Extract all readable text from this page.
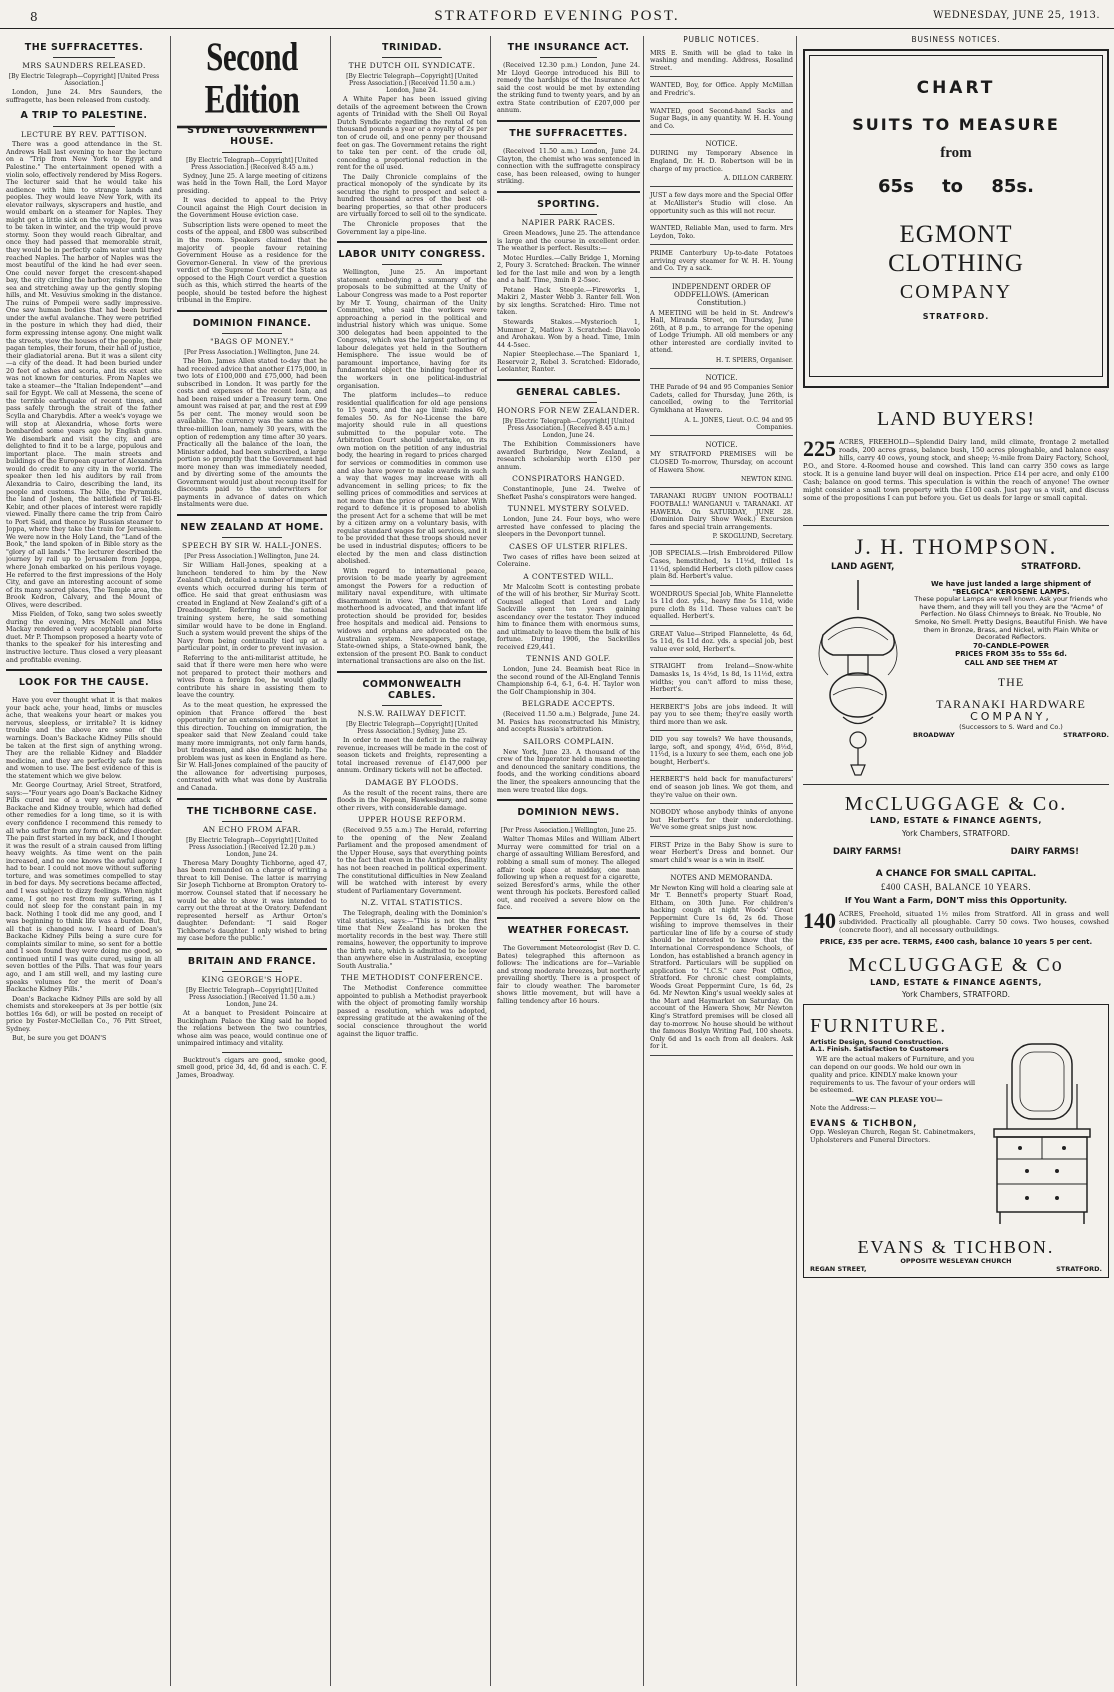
8	STRATFORD EVENING POST.	WEDNESDAY, JUNE 25, 1913.
THE SUFFRACETTES.
MRS SAUNDERS RELEASED.
[By Electric Telegraph—Copyright] [United Press Association.]

London, June 24. Mrs Saunders, the suffragette, has been released from custody.

A TRIP TO PALESTINE.
LECTURE BY REV. PATTISON.

There was a good attendance in the St. Andrews Hall last evening to hear the lecture on a "Trip from New York to Egypt and Palestine." The entertainment opened with a violin solo, effectively rendered by Miss Rogers. The lecturer said that he would take his audience with him to strange lands and peoples. They would leave New York, with its elevator railways, skyscrapers and hustle, and would embark on a steamer for Naples. They might get a little sick on the voyage, for it was to be taken in winter, and the trip would prove stormy. Soon they would reach Gibraltar, and once they had passed that memorable strait, they would be in perfectly calm water until they reached Naples. The harbor of Naples was the most beautiful of the kind he had ever seen. One could never forget the crescent-shaped bay, the city circling the harbor, rising from the sea and stretching away up the gently sloping hills, and Mt. Vesuvius smoking in the distance. The ruins of Pompeii were sadly impressive. One saw human bodies that had been buried under the awful avalanche. They were petrified in the posture in which they had died, their form expressing intense agony. One might walk the streets, view the houses of the people, their pagan temples, their forum, their hall of justice, their gladiatorial arena. But it was a silent city—a city of the dead. It had been buried under 20 feet of ashes and scoria, and its exact site was not known for centuries. From Naples we take a steamer—the "Italian Independent"—and sail for Egypt. We call at Messena, the scene of the terrible earthquake of recent times, and pass safely through the strait of the father Scylla and Charybdis. After a week's voyage we will stop at Alexandria, whose forts were bombarded some years ago by English guns. We disembark and visit the city, and are delighted to find it to be a large, populous and important place. The main streets and buildings of the European quarter of Alexandria would do credit to any city in the world. The speaker then led his auditors by rail from Alexandria to Cairo, describing the land, its people and customs. The Nile, the Pyramids, the land of Joshen, the battlefield of Tel-El-Kebir, and other places of interest were rapidly viewed. Finally there came the trip from Cairo to Port Said, and thence by Russian steamer to Joppa, where they take the train for Jerusalem. We were now in the Holy Land, the "Land of the Book," the land spoken of in Bible story as the "glory of all lands." The lecturer described the journey by rail up to Jerusalem from Joppa, where Jonah embarked on his perilous voyage. He referred to the first impressions of the Holy City, and gave an interesting account of some of its many sacred places, The Temple area, the Brook Kedron, Calvary, and the Mount of Olives, were described.

Miss Fielden, of Toko, sang two soles sweetly during the evening, Mrs McNell and Miss Mackay rendered a very acceptable pianoforte duet. Mr P. Thompson proposed a hearty vote of thanks to the speaker for his interesting and instructive lecture. Thus closed a very pleasant and profitable evening.

LOOK FOR THE CAUSE.

Have you ever thought what it is that makes your back ache, your head, limbs or muscles ache, that weakens your heart or makes you nervous, sleepless, or irritable? It is kidney trouble and the above are some of the warnings. Doan's Backache Kidney Pills should be taken at the first sign of anything wrong. They are the reliable Kidney and Bladder medicine, and they are perfectly safe for men and women to use. The best evidence of this is the statement which we give below.

Mr. George Courtnay, Ariel Street, Stratford, says:—"Four years ago Doan's Backache Kidney Pills cured me of a very severe attack of Backache and Kidney trouble, which had defied other remedies for a long time, so it is with every confidence I recommend this remedy to all who suffer from any form of Kidney disorder. The pain first started in my back, and I thought it was the result of a strain caused from lifting heavy weights. As time went on the pain increased, and no one knows the awful agony I had to bear. I could not move without suffering torture, and was sometimes compelled to stay in bed for days. My secretions became affected, and I was subject to dizzy feelings. When night came, I got no rest from my suffering, as I could not sleep for the constant pain in my back. Nothing I took did me any good, and I was beginning to think life was a burden. But, all that is changed now. I heard of Doan's Backache Kidney Pills being a sure cure for complaints similar to mine, so sent for a bottle and I soon found they were doing me good, so continued until I was quite cured, using in all seven bottles of the Pills. That was four years ago, and I am still well, and my lasting cure speaks volumes for the merit of Doan's Backache Kidney Pills."

Doan's Backache Kidney Pills are sold by all chemists and storekeepers at 3s per bottle (six bottles 16s 6d), or will be posted on receipt of price by Foster-McClellan Co., 76 Pitt Street, Sydney.

But, be sure you get DOAN'S

Second Edition
SYDNEY GOVERNMENT HOUSE.
[By Electric Telegraph—Copyright] [United Press Association.] (Received 8.45 a.m.)

Sydney, June 25. A large meeting of citizens was held in the Town Hall, the Lord Mayor presiding.

It was decided to appeal to the Privy Council against the High Court decision in the Government House eviction case.

Subscription lists were opened to meet the costs of the appeal, and £800 was subscribed in the room. Speakers claimed that the majority of people favour retaining Government House as a residence for the Governor-General. In view of the previous verdict of the Supreme Court of the State as opposed to the High Court verdict a question such as this, which stirred the hearts of the people, should be tested before the highest tribunal in the Empire.

DOMINION FINANCE.
"BAGS OF MONEY."
[Per Press Association.] Wellington, June 24.

The Hon. James Allen stated to-day that he had received advice that another £175,000, in two lots of £100,000 and £75,000, had been subscribed in London. It was partly for the costs and expenses of the recent loan, and had been raised under a Treasury term. One amount was raised at par, and the rest at £99 5s per cent. The money would soon be available. The currency was the same as the three-million loan, namely 30 years, with the option of redemption any time after 30 years. Practically all the balance of the loan, the Minister added, had been subscribed, a large portion so promptly that the Government had more money than was immediately needed, and by diverting some of the amounts the Government would just about recoup itself for discounts paid to the underwriters for payments in advance of dates on which instalments were due.

NEW ZEALAND AT HOME.
SPEECH BY SIR W. HALL-JONES.
[Per Press Association.] Wellington, June 24.

Sir William Hall-Jones, speaking at a luncheon tendered to him by the New Zealand Club, detailed a number of important events which occurred during his term of office. He said that great enthusiasm was created in England at New Zealand's gift of a Dreadnought. Referring to the national training system here, he said something similar would have to be done in England. Such a system would prevent the ships of the Navy from being continually tied up at a particular point, in order to prevent invasion.

Referring to the anti-militarist attitude, he said that if there were men here who were not prepared to protect their mothers and wives from a foreign foe, he would gladly contribute his share in assisting them to leave the country.

As to the meat question, he expressed the opinion that France offered the best opportunity for an extension of our market in this direction. Touching on immigration, the speaker said that New Zealand could take many more immigrants, not only farm hands, but tradesmen, and also domestic help. The problem was just as keen in England as here. Sir W. Hall-Jones complained of the paucity of the allowance for advertising purposes, contrasted with what was done by Australia and Canada.

THE TICHBORNE CASE.
AN ECHO FROM AFAR.
[By Electric Telegraph—Copyright] [United Press Association.] (Received 12.20 p.m.) London, June 24.

Theresa Mary Doughty Tichborne, aged 47, has been remanded on a charge of writing a threat to kill Denise. The latter is marrying Sir Joseph Tichborne at Brompton Oratory to-morrow. Counsel stated that if necessary he would be able to show it was intended to carry out the threat at the Oratory. Defendant represented herself as Arthur Orton's daughter. Defendant: "I said Roger Tichborne's daughter. I only wished to bring my case before the public."

BRITAIN AND FRANCE.
KING GEORGE'S HOPE.
[By Electric Telegraph—Copyright] [United Press Association.] (Received 11.50 a.m.) London, June 24.

At a banquet to President Poincaire at Buckingham Palace the King said he hoped the relations between the two countries, whose aim was peace, would continue one of unimpaired intimacy and vitality.

Bucktrout's cigars are good, smoke good, smell good, price 3d, 4d, 6d and is each. C. F. James, Broadway.

TRINIDAD.
THE DUTCH OIL SYNDICATE.
[By Electric Telegraph—Copyright] [United Press Association.] (Received 11.50 a.m.) London, June 24.

A White Paper has been issued giving details of the agreement between the Crown agents of Trinidad with the Shell Oil Royal Dutch Syndicate regarding the rental of ten thousand pounds a year or a royalty of 2s per ton of crude oil, and one penny per thousand feet on gas. The Government retains the right to take ten per cent. of the crude oil, conceding a proportional reduction in the rent for the oil used.

The Daily Chronicle complains of the practical monopoly of the syndicate by its securing the right to prospect and select a hundred thousand acres of the best oil-bearing properties, so that other producers are virtually forced to sell oil to the syndicate.

The Chronicle proposes that the Government lay a pipe-line.

LABOR UNITY CONGRESS.

Wellington, June 25. An important statement embodying a summary of the proposals to be submitted at the Unity of Labour Congress was made to a Post reporter by Mr T. Young, chairman of the Unity Committee, who said the workers were approaching a period in the political and industrial history which was unique. Some 300 delegates had been appointed to the Congress, which was the largest gathering of labour delegates yet held in the Southern Hemisphere. The issue would be of paramount importance, having for its fundamental object the binding together of the workers in one political-industrial organisation.

The platform includes—to reduce residential qualification for old age pensions to 15 years, and the age limit: males 60, females 50. As for No-License the bare majority should rule in all questions submitted to the popular vote. The Arbitration Court should undertake, on its own motion on the petition of any industrial body, the hearing in regard to prices charged for services or commodities in common use and also have power to make awards in such a way that wages may increase with all advancement in selling prices; to fix the selling prices of commodities and services at not more than the price of human labor. With regard to defence it is proposed to abolish the present Act for a scheme that will be met by a citizen army on a voluntary basis, with regular standard wages for all services, and it to be provided that these troops should never be used in industrial disputes; officers to be elected by the men and class distinction abolished.

With regard to international peace, provision to be made yearly by agreement amongst the Powers for a reduction of military naval expenditure, with ultimate disarmament in view. The endowment of motherhood is advocated, and that infant life protection should be provided for, besides free hospitals and medical aid. Pensions to widows and orphans are advocated on the Australian system. Newspapers, postage, State-owned ships, a State-owned bank, the extension of the present P.O. Bank to conduct international transactions are also on the list.

COMMONWEALTH CABLES.
N.S.W. RAILWAY DEFICIT.
[By Electric Telegraph—Copyright] [United Press Association.] Sydney, June 25.

In order to meet the deficit in the railway revenue, increases will be made in the cost of season tickets and freights, representing a total increased revenue of £147,000 per annum. Ordinary tickets will not be affected.

DAMAGE BY FLOODS.

As the result of the recent rains, there are floods in the Nepean, Hawkesbury, and some other rivers, with considerable damage.

UPPER HOUSE REFORM.

(Received 9.55 a.m.) The Herald, referring to the opening of the New Zealand Parliament and the proposed amendment of the Upper House, says that everything points to the fact that even in the Antipodes, finality has not been reached in political experiment. The constitutional difficulties in New Zealand will be watched with interest by every student of Parliamentary Government.

N.Z. VITAL STATISTICS.

The Telegraph, dealing with the Dominion's vital statistics, says:—"This is not the first time that New Zealand has broken the mortality records in the best way. There still remains, however, the opportunity to improve the birth rate, which is admitted to be lower than anywhere else in Australasia, excepting South Australia."

THE METHODIST CONFERENCE.

The Methodist Conference committee appointed to publish a Methodist prayerbook with the object of promoting family worship passed a resolution, which was adopted, expressing gratitude at the awakening of the social conscience throughout the world against the liquor traffic.

THE INSURANCE ACT.

(Received 12.30 p.m.) London, June 24. Mr Lloyd George introduced his Bill to remedy the hardships of the Insurance Act said the cost would be met by extending the striking fund to twenty years, and by an extra State contribution of £207,000 per annum.

THE SUFFRACETTES.

(Received 11.50 a.m.) London, June 24. Clayton, the chemist who was sentenced in connection with the suffragette conspiracy case, has been released, owing to hunger striking.

SPORTING.
NAPIER PARK RACES.

Green Meadows, June 25. The attendance is large and the course in excellent order. The weather is perfect. Results:—

Motec Hurdles.—Cally Bridge 1, Morning 2, Poury 3. Scratched: Bracken. The winner led for the last mile and won by a length and a half. Time, 3min 8 2-5sec.

Petane Hack Steeple.—Fireworks 1, Makiri 2, Master Webb 3. Ranter fell. Won by six lengths. Scratched: Hiro. Time not taken.

Stewards Stakes.—Mysterioch 1, Mummer 2, Matlow 3. Scratched: Diavolo and Arohakau. Won by a head. Time, 1min 44 4-5sec.

Napier Steeplechase.—The Spaniard 1, Reservoir 2, Rebel 3. Scratched: Eldorado, Leolanter, Ranter.

GENERAL CABLES.
HONORS FOR NEW ZEALANDER.
[By Electric Telegraph—Copyright] [United Press Association.] (Received 8.45 a.m.) London, June 24.

The Exhibition Commissioners have awarded Burbridge, New Zealand, a research scholarship worth £150 per annum.

CONSPIRATORS HANGED.

Constantinople, June 24. Twelve of Shefket Pasha's conspirators were hanged.

TUNNEL MYSTERY SOLVED.

London, June 24. Four boys, who were arrested have confessed to placing the sleepers in the Devonport tunnel.

CASES OF ULSTER RIFLES.

Two cases of rifles have been seized at Coleraine.

A CONTESTED WILL.

Mr Malcolm Scott is contesting probate of the will of his brother, Sir Murray Scott. Counsel alleged that Lord and Lady Sackville spent ten years gaining ascendancy over the testator. They induced him to finance them with enormous sums, and ultimately to leave them the bulk of his fortune. During 1906, the Sackvilles received £29,441.

TENNIS AND GOLF.

London, June 24. Beamish beat Rice in the second round of the All-England Tennis Championship 6-4, 6-1, 6-4. H. Taylor won the Golf Championship in 304.

BELGRADE ACCEPTS.

(Received 11.50 a.m.) Belgrade, June 24. M. Pasics has reconstructed his Ministry, and accepts Russia's arbitration.

SAILORS COMPLAIN.

New York, June 23. A thousand of the crew of the Imperator held a mass meeting and denounced the sanitary conditions, the foods, and the working conditions aboard the liner, the speakers announcing that the men were treated like dogs.

DOMINION NEWS.
[Per Press Association.] Wellington, June 25.

Walter Thomas Miles and William Albert Murray were committed for trial on a charge of assaulting William Beresford, and robbing a small sum of money. The alleged affair took place at midday, one man following up when a request for a cigarette, seized Beresford's arms, while the other went through his pockets. Beresford called out, and received a severe blow on the face.

WEATHER FORECAST.

The Government Meteorologist (Rev D. C. Bates) telegraphed this afternoon as follows: The indications are for—Variable and strong moderate breezes, but northerly prevailing shortly. There is a prospect of fair to cloudy weather. The barometer shows little movement, but will have a falling tendency after 16 hours.

PUBLIC NOTICES.
MRS E. Smith will be glad to take in washing and mending. Address, Rosalind Street.
WANTED, Boy, for Office. Apply McMillan and Fredric's.
WANTED, good Second-hand Sacks and Sugar Bags, in any quantity. W. H. H. Young and Co.
NOTICE.
DURING my Temporary Absence in England, Dr. H. D. Robertson will be in charge of my practice.
A. DILLON CARBERY.
JUST a few days more and the Special Offer at McAllister's Studio will close. An opportunity such as this will not recur.
WANTED, Reliable Man, used to farm. Mrs Leydon, Toko.
PRIME Canterbury Up-to-date Potatoes arriving every steamer for W. H. H. Young and Co. Try a sack.
INDEPENDENT ORDER OF ODDFELLOWS. (American Constitution.)
A MEETING will be held in St. Andrew's Hall, Miranda Street, on Thursday, June 26th, at 8 p.m., to arrange for the opening of Lodge Triumph. All old members or any other interested are cordially invited to attend.
H. T. SPIERS, Organiser.
NOTICE.
THE Parade of 94 and 95 Companies Senior Cadets, called for Thursday, June 26th, is cancelled, owing to the Territorial Gymkhana at Hawera.
A. L. JONES, Lieut. O.C. 94 and 95 Companies.
NOTICE.
MY STRATFORD PREMISES will be CLOSED To-morrow, Thursday, on account of Hawera Show.
NEWTON KING.
TARANAKI RUGBY UNION FOOTBALL! FOOTBALL! WANGANUI v. TARANAKI. AT HAWERA. On SATURDAY, JUNE 28. (Dominion Dairy Show Week.) Excursion fares and special train arrangements.
P. SKOGLUND, Secretary.
JOB SPECIALS.—Irish Embroidered Pillow Cases, hemstitched, 1s 11½d, frilled 1s 11½d, splendid Herbert's cloth pillow cases plain 8d. Herbert's value.
WONDROUS Special Job, White Flannelette 1s 11d doz. yds., heavy fine 5s 11d, wide pure cloth 8s 11d. These values can't be equalled. Herbert's.
GREAT Value—Striped Flannelette, 4s 6d, 5s 11d, 6s 11d doz. yds. a special job, best value ever sold, Herbert's.
STRAIGHT from Ireland—Snow-white Damasks 1s, 1s 4½d, 1s 8d, 1s 11½d, extra widths; you can't afford to miss these, Herbert's.
HERBERT'S Jobs are jobs indeed. It will pay you to see them; they're easily worth third more than we ask.
DID you say towels? We have thousands, large, soft, and spongy, 4½d, 6½d, 8½d, 11½d, is a luxury to see them, each one job bought, Herbert's.
HERBERT'S held back for manufacturers' end of season job lines. We got them, and they're value on their own.
NOBODY whose anybody thinks of anyone but Herbert's for their underclothing. We've some great snips just now.
FIRST Prize in the Baby Show is sure to wear Herbert's Dress and bonnet. Our smart child's wear is a win in itself.
NOTES AND MEMORANDA.
Mr Newton King will hold a clearing sale at Mr T. Bennett's property Stuart Road, Eltham, on 30th June. For children's hacking cough at night Woods' Great Peppermint Cure 1s 6d, 2s 6d. Those wishing to improve themselves in their particular line of life by a course of study should be interested to know that the International Correspondence Schools, of London, has established a branch agency in Stratford. Particulars will be supplied on application to "I.C.S." care Post Office, Stratford. For chronic chest complaints, Woods Great Peppermint Cure, 1s 6d, 2s 6d. Mr Newton King's usual weekly sales at the Mart and Haymarket on Saturday. On account of the Hawera Show, Mr Newton King's Stratford premises will be closed all day to-morrow. No house should be without the famous Boslyn Writing Pad, 100 sheets. Only 6d and 1s each from all dealers. Ask for it.
BUSINESS NOTICES.
CHART
SUITS TO MEASURE
from
65s to 85s.
EGMONT CLOTHING
COMPANY
STRATFORD.
LAND BUYERS!
225 ACRES, FREEHOLD—Splendid Dairy land, mild climate, frontage 2 metalled roads, 200 acres grass, balance bush, 150 acres ploughable, and balance easy hills, carry 40 cows, young stock, and sheep; ½-mile from Dairy Factory, School, P.O., and Store. 4-Roomed house and cowshed. This land can carry 350 cows as large stock. It is a genuine land buyer will deal on inspection. Price £14 per acre, and only £100 Cash; balance on good terms. This speculation is within the reach of anyone! The owner might consider a small town property with the £100 cash. Just pay us a visit, and discuss some of the propositions I can put before you. Get us deals for large or small capital.
J. H. THOMPSON.
LAND AGENT,	STRATFORD.
We have just landed a large shipment of
"BELGICA" KEROSENE LAMPS.
These popular Lamps are well known. Ask your friends who have them, and they will tell you they are the "Acme" of Perfection. No Glass Chimneys to Break. No Trouble, No Smoke, No Smell. Pretty Designs, Beautiful Finish. We have them in Bronze, Brass, and Nickel, with Plain White or Decorated Reflectors.
70-CANDLE-POWER
PRICES FROM 35s to 55s 6d.
CALL AND SEE THEM AT
THE
TARANAKI HARDWARE
COMPANY,
(Successors to S. Ward and Co.)
BROADWAY	STRATFORD.
McCLUGGAGE & Co.
LAND, ESTATE & FINANCE AGENTS,
York Chambers, STRATFORD.
DAIRY FARMS!	DAIRY FARMS!
A CHANCE FOR SMALL CAPITAL.
£400 CASH, BALANCE 10 YEARS.
If You Want a Farm, DON'T miss this Opportunity.
140 ACRES, Freehold, situated 1½ miles from Stratford. All in grass and well subdivided. Practically all ploughable. Carry 50 cows. Two houses, cowshed (concrete floor), and all necessary outbuildings.
PRICE, £35 per acre. TERMS, £400 cash, balance 10 years 5 per cent.
McCLUGGAGE & Co
LAND, ESTATE & FINANCE AGENTS,
York Chambers, STRATFORD.
FURNITURE.
Artistic Design, Sound Construction.
A.1. Finish. Satisfaction to Customers

WE are the actual makers of Furniture, and you can depend on our goods. We hold our own in quality and price. KINDLY make known your requirements to us. The favour of your orders will be esteemed.

—WE CAN PLEASE YOU—
Note the Address:—
EVANS & TICHBON,
Opp. Wesleyan Church, Regan St. Cabinetmakers, Upholsterers and Funeral Directors.
EVANS & TICHBON.
OPPOSITE WESLEYAN CHURCH
REGAN STREET,	STRATFORD.
